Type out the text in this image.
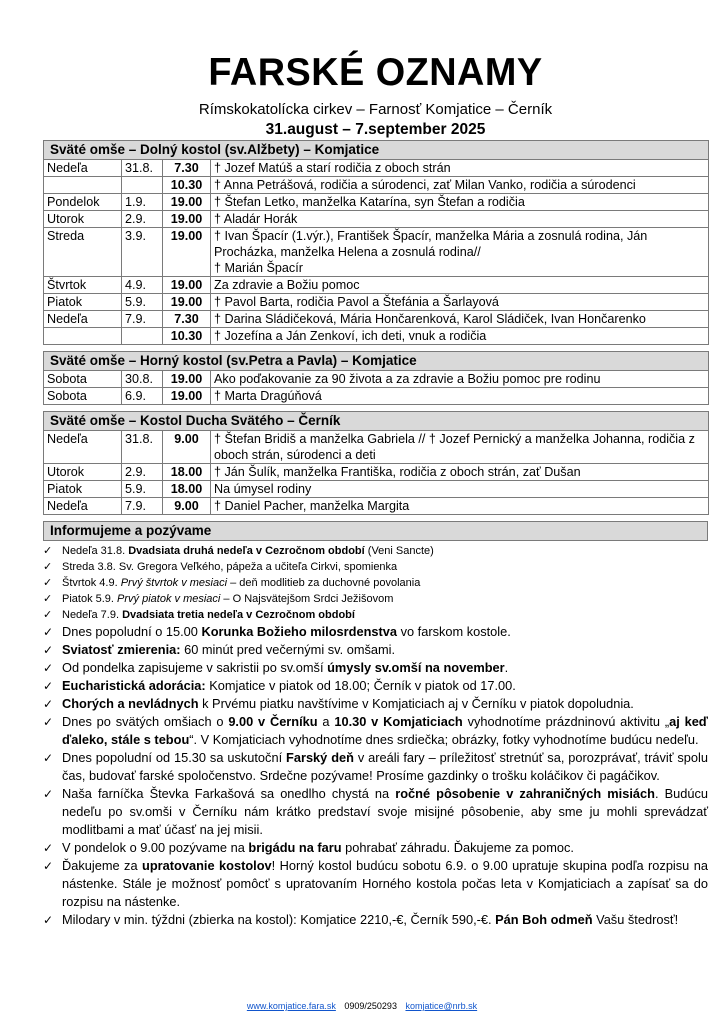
FARSKÉ OZNAMY
Rímskokatolícka cirkev – Farnosť Komjatice – Černík
31.august – 7.september 2025
Sväté omše – Dolný kostol (sv.Alžbety) – Komjatice			
Nedeľa	31.8.	7.30	† Jozef Matúš a starí rodičia z oboch strán

		10.30	† Anna Petrášová, rodičia a súrodenci, zať Milan Vanko, rodičia a súrodenci

Pondelok	1.9.	19.00	† Štefan Letko, manželka Katarína, syn Štefan a rodičia

Utorok	2.9.	19.00	† Aladár Horák

Streda	3.9.	19.00	† Ivan Špacír (1.výr.), František Špacír, manželka Mária a zosnulá rodina, Ján Procházka, manželka Helena a zosnulá rodina//
† Marián Špacír

Štvrtok	4.9.	19.00	Za zdravie a Božiu pomoc

Piatok	5.9.	19.00	† Pavol Barta, rodičia Pavol a Štefánia a Šarlayová

Nedeľa	7.9.	7.30	† Darina Sládičeková, Mária Hončarenková, Karol Sládiček, Ivan Hončarenko

		10.30	† Jozefína a Ján Zenkoví, ich deti, vnuk a rodičia
Sväté omše – Horný kostol (sv.Petra a Pavla) – Komjatice			
Sobota	30.8.	19.00	Ako poďakovanie za 90 života a za zdravie a Božiu pomoc pre rodinu

Sobota	6.9.	19.00	† Marta Dragúňová
Sväté omše – Kostol Ducha Svätého – Černík			
Nedeľa	31.8.	9.00	† Štefan Bridiš a manželka Gabriela // † Jozef Pernický a manželka Johanna, rodičia z oboch strán, súrodenci a deti

Utorok	2.9.	18.00	† Ján Šulík, manželka Františka, rodičia z oboch strán, zať Dušan

Piatok	5.9.	18.00	Na úmysel rodiny

Nedeľa	7.9.	9.00	† Daniel Pacher, manželka Margita
Informujeme a pozývame
✓ Nedeľa 31.8. Dvadsiata druhá nedeľa v Cezročnom období (Veni Sancte)
✓ Streda 3.8. Sv. Gregora Veľkého, pápeža a učiteľa Cirkvi, spomienka
✓ Štvrtok 4.9. Prvý štvrtok v mesiaci – deň modlitieb za duchovné povolania
✓ Piatok 5.9. Prvý piatok v mesiaci – O Najsvätejšom Srdci Ježišovom
✓ Nedeľa 7.9. Dvadsiata tretia nedeľa v Cezročnom období
✓ Dnes popoludní o 15.00 Korunka Božieho milosrdenstva vo farskom kostole.
✓ Sviatosť zmierenia: 60 minút pred večernými sv. omšami.
✓ Od pondelka zapisujeme v sakristii po sv.omší úmysly sv.omší na november.
✓ Eucharistická adorácia: Komjatice v piatok od 18.00; Černík v piatok od 17.00.
✓ Chorých a nevládnych k Prvému piatku navštívime v Komjaticiach aj v Černíku v piatok dopoludnia.
✓ Dnes po svätých omšiach o 9.00 v Černíku a 10.30 v Komjaticiach vyhodnotíme prázdninovú aktivitu „aj keď ďaleko, stále s tebou“. V Komjaticiach vyhodnotíme dnes srdiečka; obrázky, fotky vyhodnotíme budúcu nedeľu.
✓ Dnes popoludní od 15.30 sa uskutoční Farský deň v areáli fary – príležitosť stretnúť sa, porozprávať, tráviť spolu čas, budovať farské spoločenstvo. Srdečne pozývame! Prosíme gazdinky o trošku koláčikov či pagáčikov.
✓ Naša farníčka Števka Farkašová sa onedlho chystá na ročné pôsobenie v zahraničných misiách. Budúcu nedeľu po sv.omši v Černíku nám krátko predstaví svoje misijné pôsobenie, aby sme ju mohli sprevádzať modlitbami a mať účasť na jej misii.
✓ V pondelok o 9.00 pozývame na brigádu na faru pohrabať záhradu. Ďakujeme za pomoc.
✓ Ďakujeme za upratovanie kostolov! Horný kostol budúcu sobotu 6.9. o 9.00 upratuje skupina podľa rozpisu na nástenke. Stále je možnosť pomôcť s upratovaním Horného kostola počas leta v Komjaticiach a zapísať sa do rozpisu na nástenke.
✓ Milodary v min. týždni (zbierka na kostol): Komjatice 2210,-€, Černík 590,-€. Pán Boh odmeň Vašu štedrosť!
www.komjatice.fara.sk 0909/250293 komjatice@nrb.sk
